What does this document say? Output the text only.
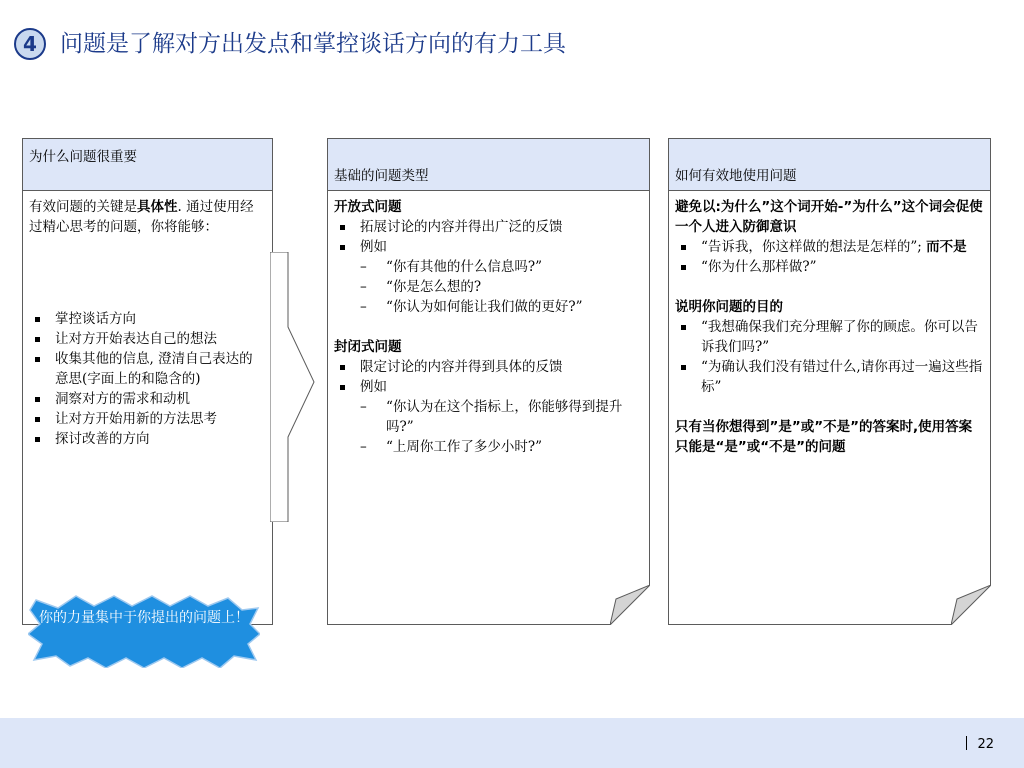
4	问题是了解对方出发点和掌控谈话方向的有力工具
为什么问题很重要
有效问题的关键是具体性. 通过使用经过精心思考的问题，你将能够：
掌控谈话方向
让对方开始表达自己的想法
收集其他的信息, 澄清自己表达的意思(字面上的和隐含的)
洞察对方的需求和动机
让对方开始用新的方法思考
探讨改善的方向
基础的问题类型
开放式问题
拓展讨论的内容并得出广泛的反馈
例如
– “你有其他的什么信息吗?”
– “你是怎么想的?
– “你认为如何能让我们做的更好?”
封闭式问题
限定讨论的内容并得到具体的反馈
例如
– “你认为在这个指标上，你能够得到提升吗?”
– “上周你工作了多少小时?”
如何有效地使用问题
避免以:为什么”这个词开始-”为什么”这个词会促使一个人进入防御意识
“告诉我，你这样做的想法是怎样的”; 而不是
“你为什么那样做?”
说明你问题的目的
“我想确保我们充分理解了你的顾虑。你可以告诉我们吗?”
“为确认我们没有错过什么,请你再过一遍这些指标”
只有当你想得到”是”或”不是”的答案时,使用答案只能是“是”或“不是”的问题
你的力量集中于你提出的问题上！
22
